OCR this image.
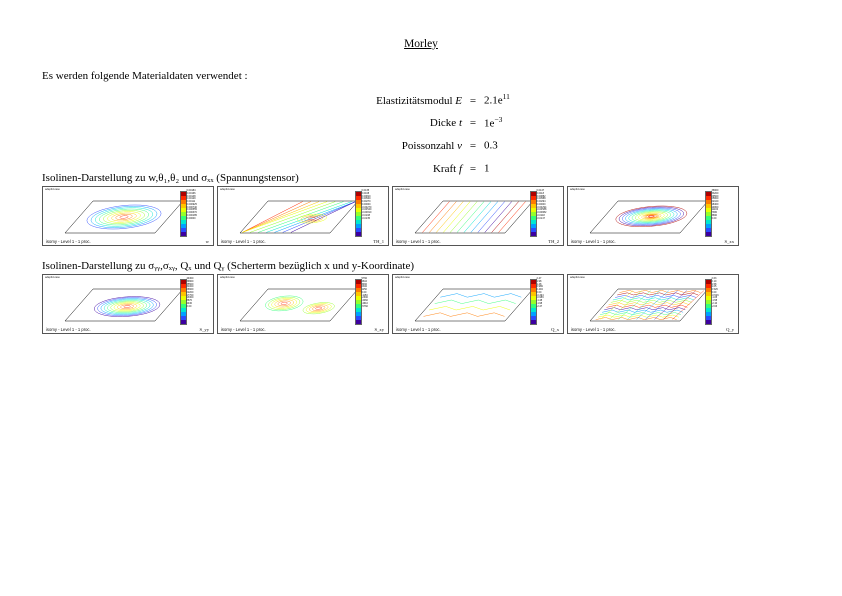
Morley
Es werden folgende Materialdaten verwendet :
Elastizitätsmodul $E = 2.1e^{11}$
Dicke $t = 1e^{-3}$
Poissonzahl ν = 0.3
Kraft f = 1
Isolinen-Darstellung zu w,θ₁,θ₂ und σₓₓ (Spannungstensor)
adap3d.case
isomy - Level 1 - 1 proc.	w
0.00184
0.00166
0.00148
0.00129
0.00111
0.000925
0.000740
0.000555
0.000370
0.000185
0.00000
adap3d.case
isomy - Level 1 - 1 proc.	TH_1
0.0135
0.0108
0.00810
0.00540
0.00270
0.00000
-0.00270
-0.00540
-0.00810
-0.0108
-0.0135
adap3d.case
isomy - Level 1 - 1 proc.	TH_2
0.0147
0.0118
0.00882
0.00588
0.00294
0.00000
-0.00294
-0.00588
-0.00882
-0.0118
-0.0147
adap3d.case
isomy - Level 1 - 1 proc.	S_xx
36900
33200
29500
25800
22100
18400
14800
11100
7380
3690
0.00
Isolinen-Darstellung zu σᵧᵧ,σₓᵧ, Qₓ und Qᵧ (Scherterm bezüglich x und y-Koordinate)
adap3d.case
isomy - Level 1 - 1 proc.	S_yy
44300
39900
35500
31000
26600
22200
17700
13300
8870
4430
0.00
adap3d.case
isomy - Level 1 - 1 proc.	S_xy
5760
4610
3460
2300
1150
0.00
-1150
-2300
-3460
-4610
-5760
adap3d.case
isomy - Level 1 - 1 proc.	Q_x
2.47
1.98
1.48
0.989
0.494
0.00
-0.494
-0.989
-1.48
-1.98
-2.47
adap3d.case
isomy - Level 1 - 1 proc.	Q_y
2.63
2.10
1.58
1.05
0.526
0.00
-0.526
-1.05
-1.58
-2.10
-2.63
